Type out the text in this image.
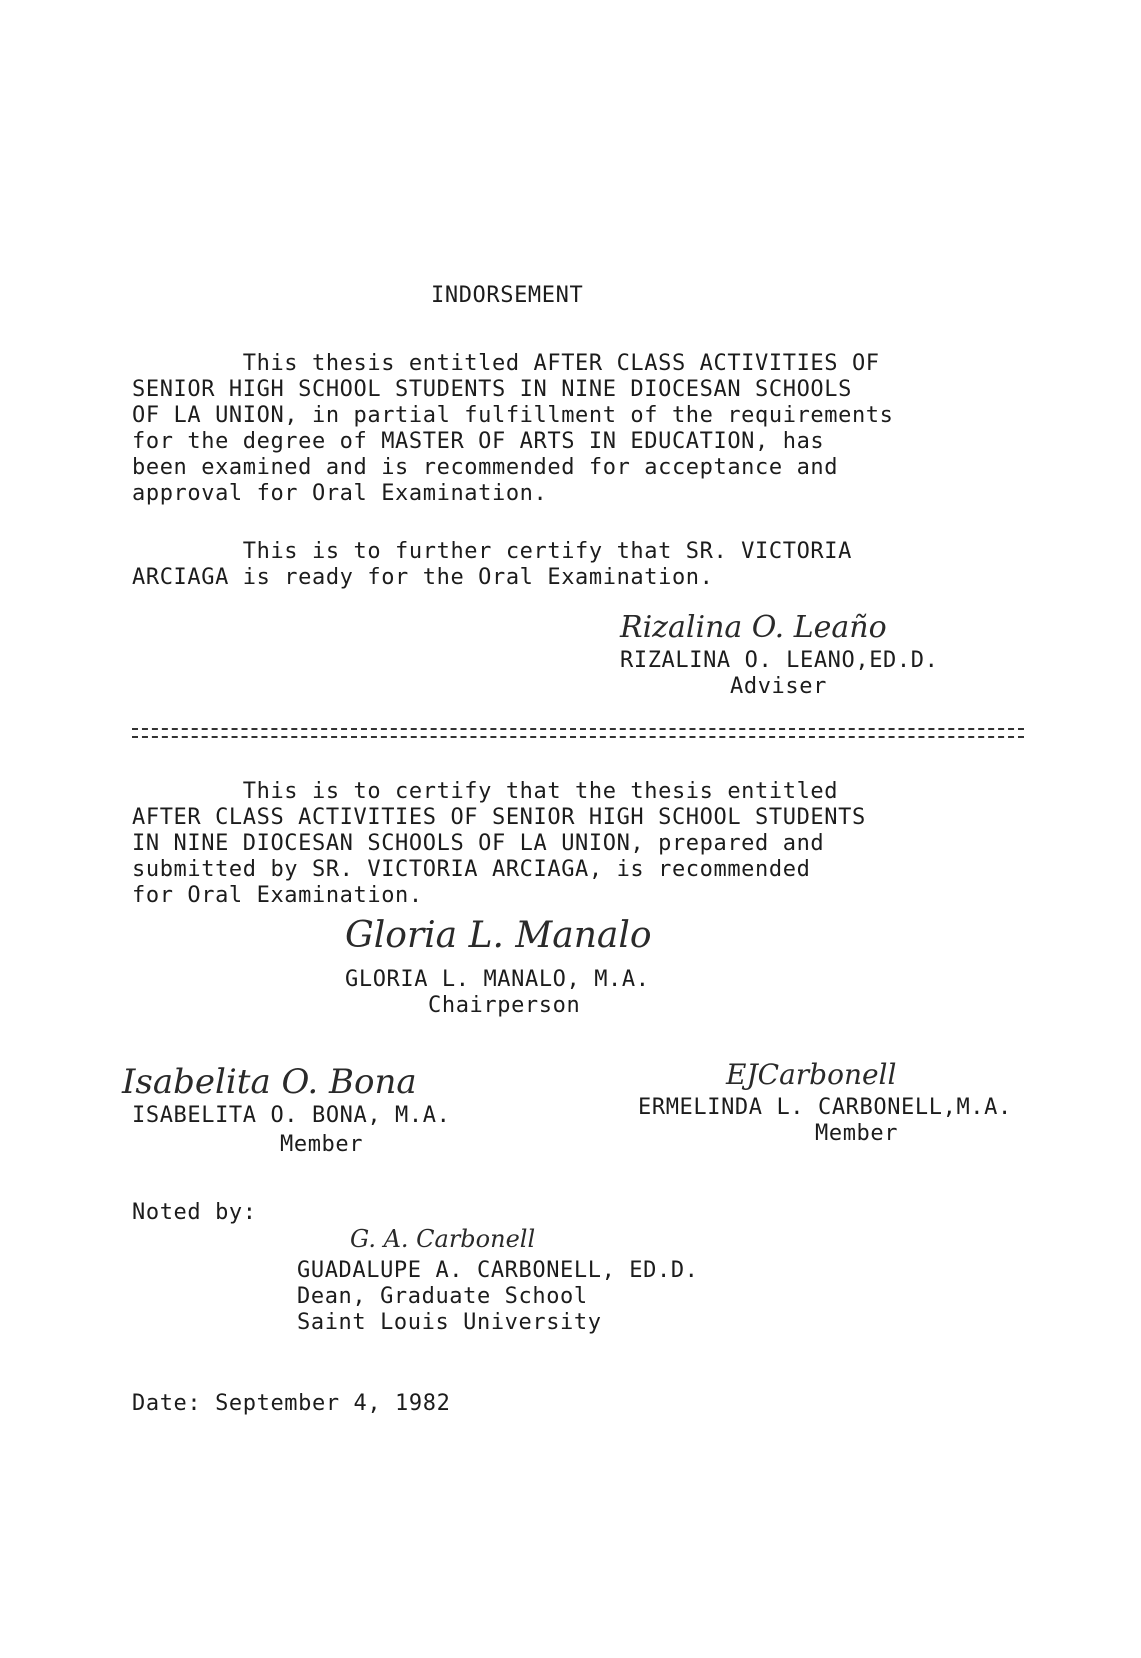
INDORSEMENT
This thesis entitled AFTER CLASS ACTIVITIES OF
SENIOR HIGH SCHOOL STUDENTS IN NINE DIOCESAN SCHOOLS
OF LA UNION, in partial fulfillment of the requirements
for the degree of MASTER OF ARTS IN EDUCATION, has
been examined and is recommended for acceptance and
approval for Oral Examination.
This is to further certify that SR. VICTORIA
ARCIAGA is ready for the Oral Examination.
Rizalina O. Leaño
RIZALINA O. LEANO,ED.D.
Adviser
This is to certify that the thesis entitled
AFTER CLASS ACTIVITIES OF SENIOR HIGH SCHOOL STUDENTS
IN NINE DIOCESAN SCHOOLS OF LA UNION, prepared and
submitted by SR. VICTORIA ARCIAGA, is recommended
for Oral Examination.
Gloria L. Manalo
GLORIA L. MANALO, M.A.
Chairperson
Isabelita O. Bona
ISABELITA O. BONA, M.A.
Member
EJCarbonell
ERMELINDA L. CARBONELL,M.A.
Member
Noted by:
G. A. Carbonell
GUADALUPE A. CARBONELL, ED.D.
Dean, Graduate School
Saint Louis University
Date: September 4, 1982
